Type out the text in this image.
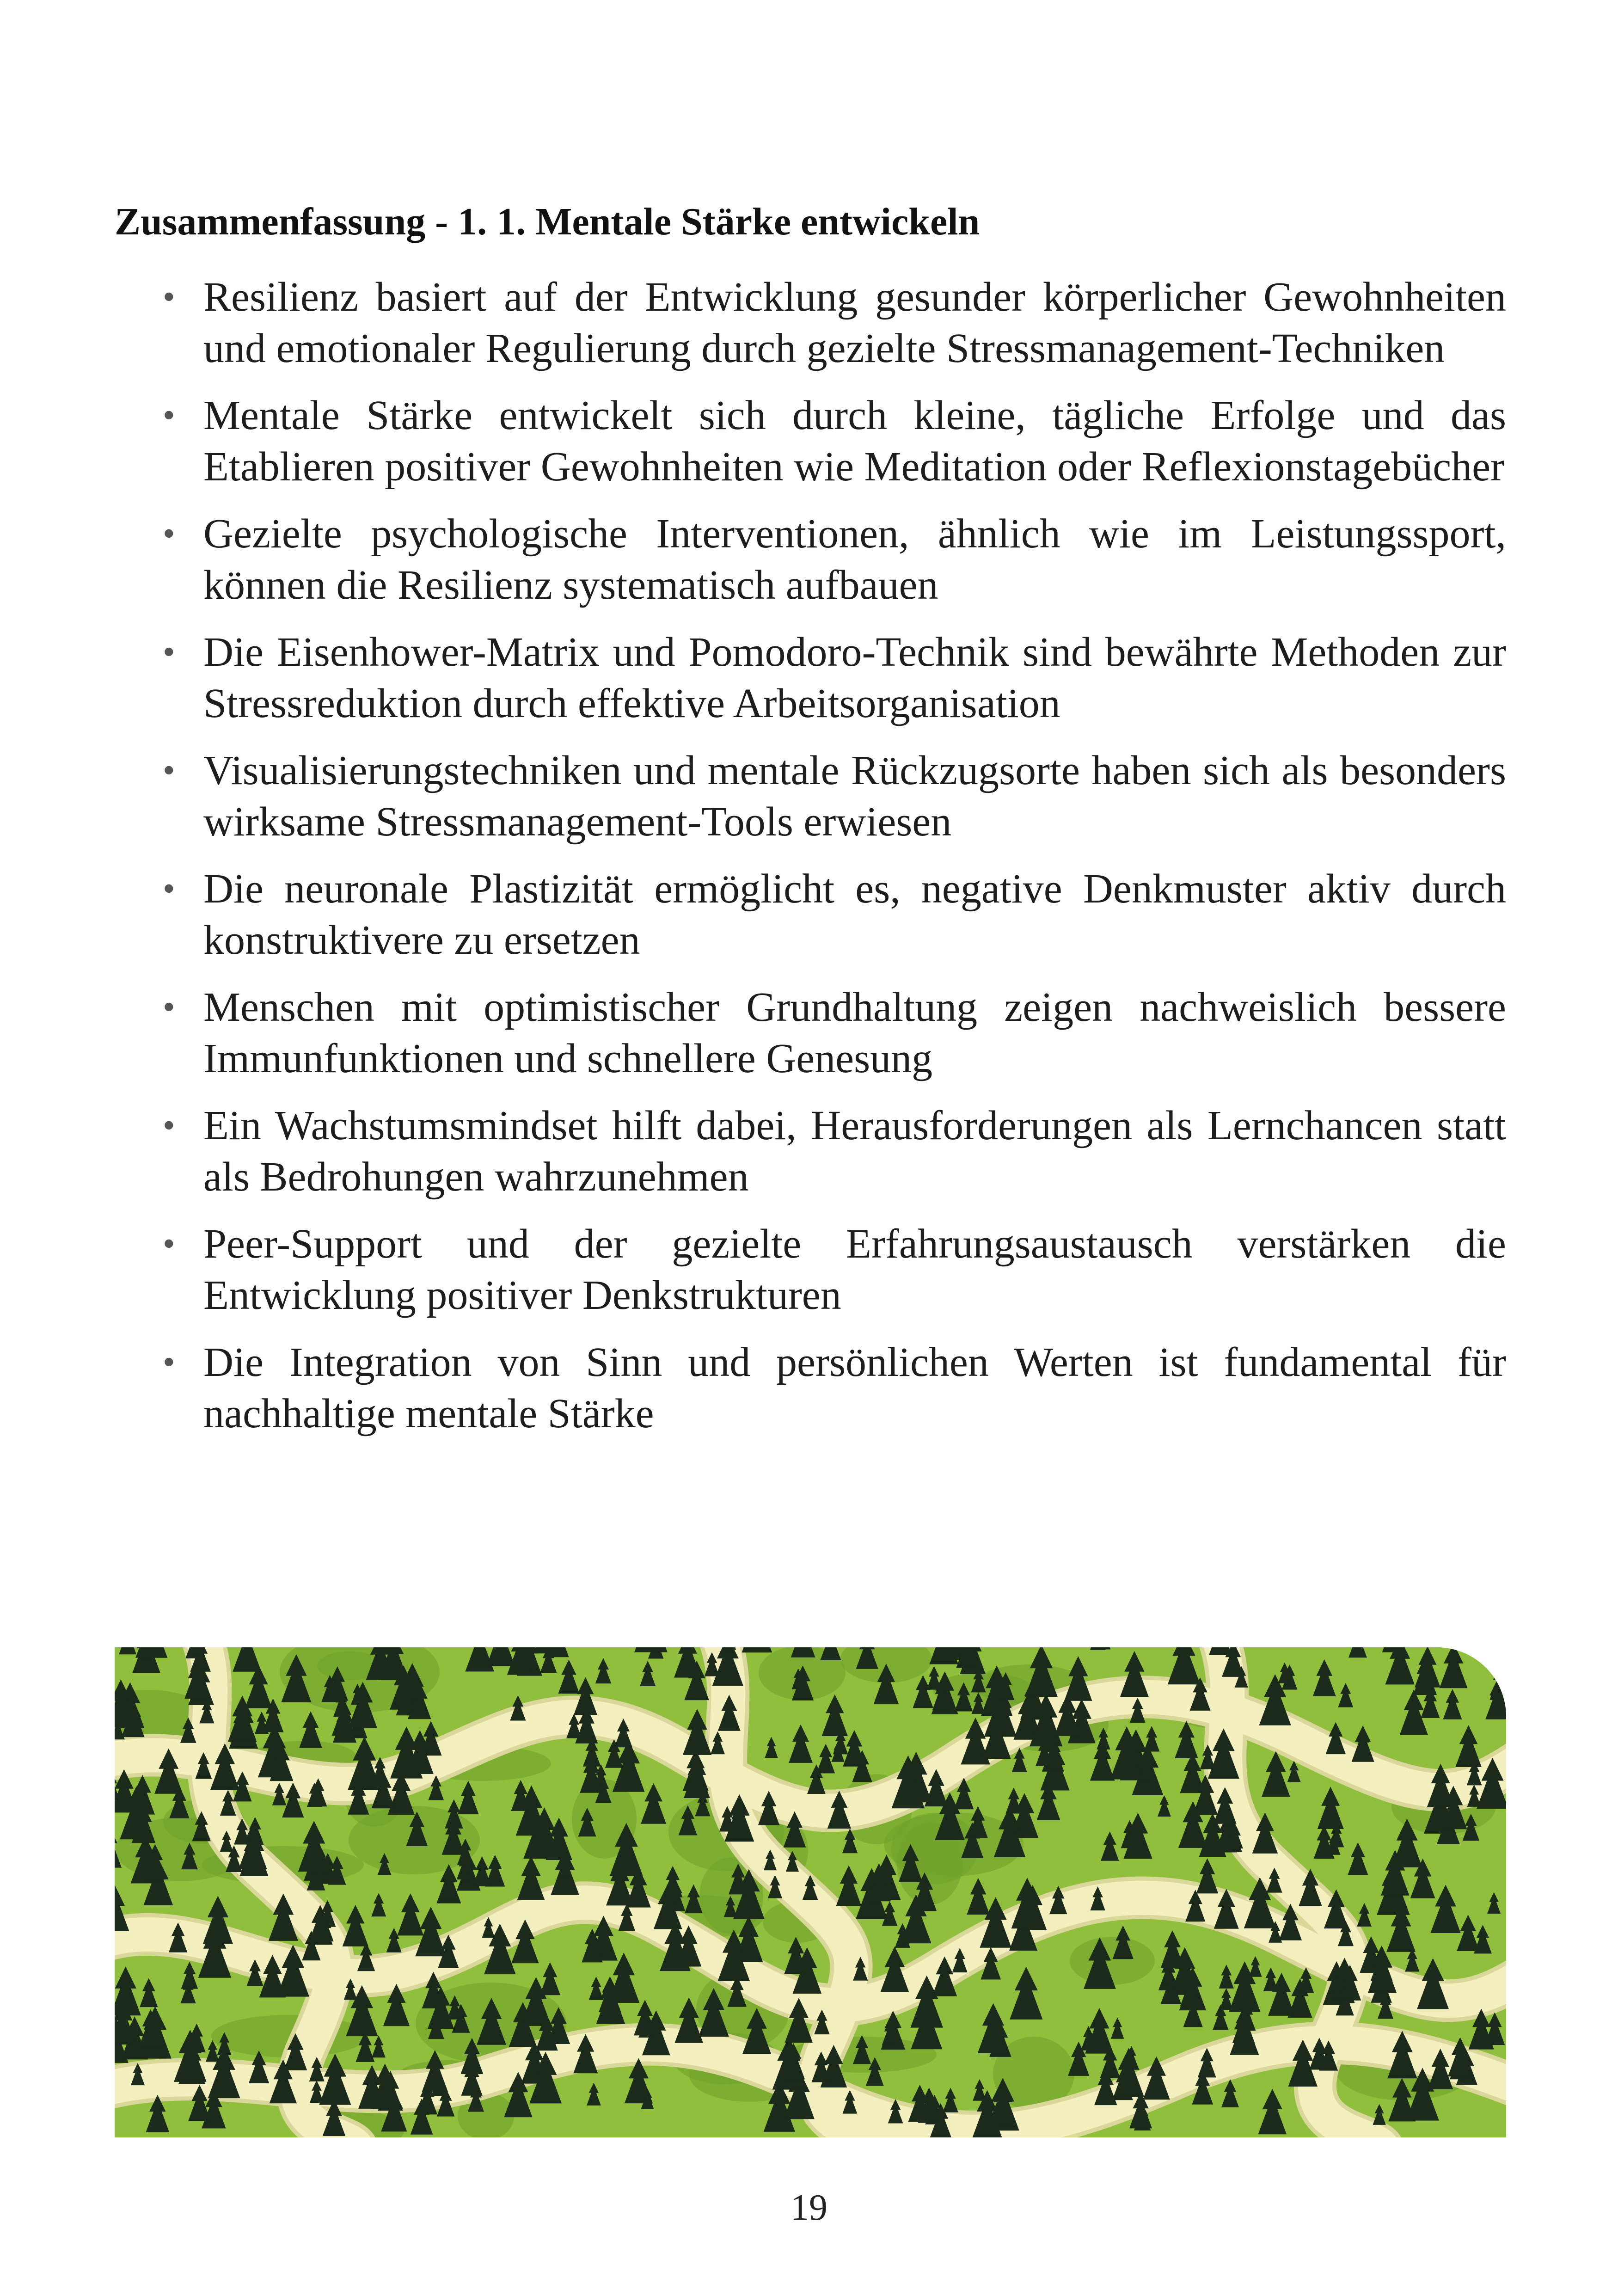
Zusammenfassung - 1. 1. Mentale Stärke entwickeln
• Resilienz basiert auf der Entwicklung gesunder körperlicher Gewohnheiten und emotionaler Regulierung durch gezielte Stressmanagement-Techniken
• Mentale Stärke entwickelt sich durch kleine, tägliche Erfolge und das Etablieren positiver Gewohnheiten wie Meditation oder Reflexionstagebücher
• Gezielte psychologische Interventionen, ähnlich wie im Leistungssport, können die Resilienz systematisch aufbauen
• Die Eisenhower-Matrix und Pomodoro-Technik sind bewährte Methoden zur Stressreduktion durch effektive Arbeitsorganisation
• Visualisierungstechniken und mentale Rückzugsorte haben sich als besonders wirksame Stressmanagement-Tools erwiesen
• Die neuronale Plastizität ermöglicht es, negative Denkmuster aktiv durch konstruktivere zu ersetzen
• Menschen mit optimistischer Grundhaltung zeigen nachweislich bessere Immunfunktionen und schnellere Genesung
• Ein Wachstumsmindset hilft dabei, Herausforderungen als Lernchancen statt als Bedrohungen wahrzunehmen
• Peer-Support und der gezielte Erfahrungsaustausch verstärken die Entwicklung positiver Denkstrukturen
• Die Integration von Sinn und persönlichen Werten ist fundamental für nachhaltige mentale Stärke
19
